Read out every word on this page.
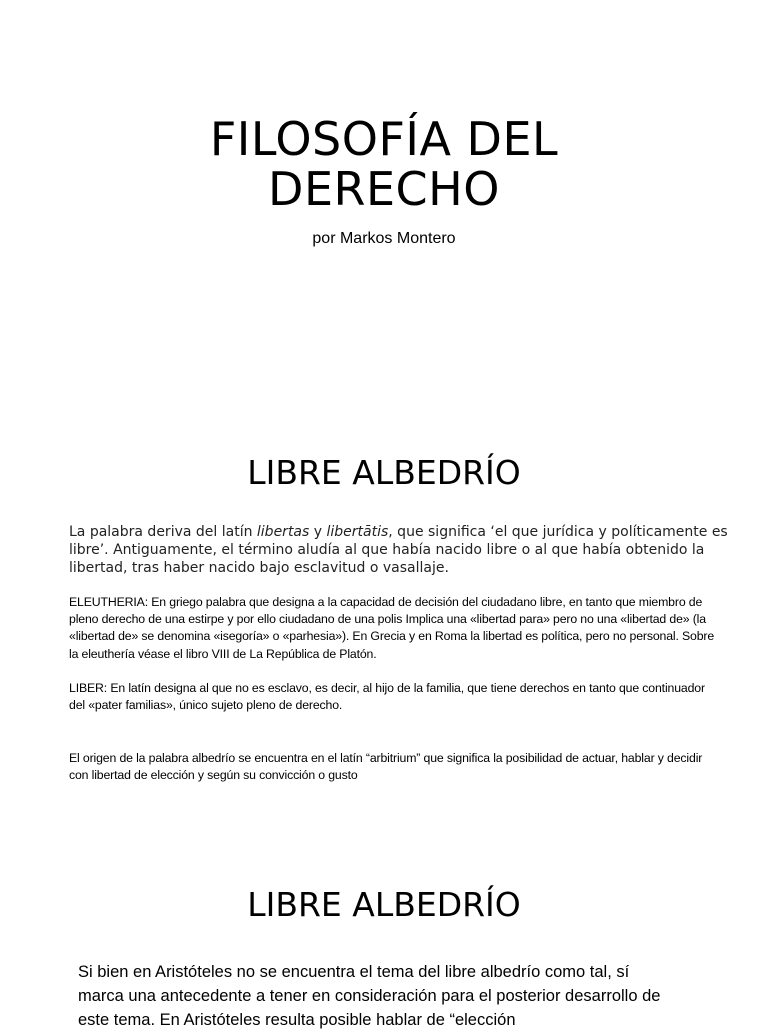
FILOSOFÍA DEL
DERECHO
por Markos Montero
LIBRE ALBEDRÍO

La palabra deriva del latín libertas y libertātis, que significa ‘el que jurídica y políticamente es libre’. Antiguamente, el término aludía al que había nacido libre o al que había obtenido la libertad, tras haber nacido bajo esclavitud o vasallaje.

ELEUTHERIA: En griego palabra que designa a la capacidad de decisión del ciudadano libre, en tanto que miembro de pleno derecho de una estirpe y por ello ciudadano de una polis Implica una «libertad para» pero no una «libertad de» (la «libertad de» se denomina «isegoría» o «parhesia»). En Grecia y en Roma la libertad es política, pero no personal. Sobre la eleuthería véase el libro VIII de La República de Platón.

LIBER: En latín designa al que no es esclavo, es decir, al hijo de la familia, que tiene derechos en tanto que continuador del «pater familias», único sujeto pleno de derecho.

El origen de la palabra albedrío se encuentra en el latín “arbitrium” que significa la posibilidad de actuar, hablar y decidir con libertad de elección y según su convicción o gusto

LIBRE ALBEDRÍO

Si bien en Aristóteles no se encuentra el tema del libre albedrío como tal, sí marca una antecedente a tener en consideración para el posterior desarrollo de este tema. En Aristóteles resulta posible hablar de “elección
